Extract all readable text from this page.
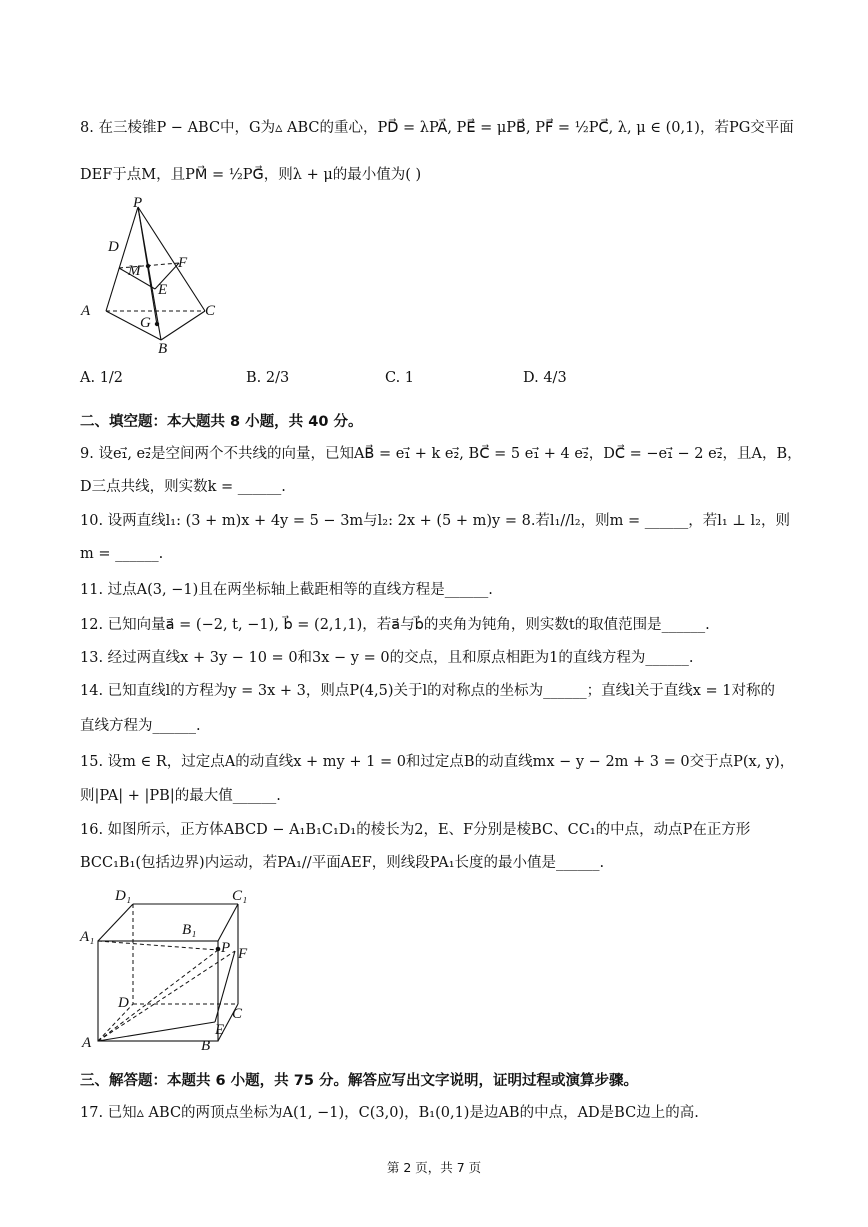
8. 在三棱锥P − ABC中，G为▵ ABC的重心，PD⃗ = λPA⃗, PE⃗ = μPB⃗, PF⃗ = ½PC⃗, λ, μ ∈ (0,1)，若PG交平面
DEF于点M，且PM⃗ = ½PG⃗，则λ + μ的最小值为( )
P
D
M	F
E
A	C
G
B
A. 1/2	B. 2/3	C. 1	D. 4/3
二、填空题：本大题共 8 小题，共 40 分。
9. 设e₁⃗, e₂⃗是空间两个不共线的向量，已知AB⃗ = e₁⃗ + k e₂⃗, BC⃗ = 5 e₁⃗ + 4 e₂⃗，DC⃗ = −e₁⃗ − 2 e₂⃗，且A，B，
D三点共线，则实数k = ______.
10. 设两直线l₁: (3 + m)x + 4y = 5 − 3m与l₂: 2x + (5 + m)y = 8.若l₁//l₂，则m = ______，若l₁ ⊥ l₂，则
m = ______.
11. 过点A(3, −1)且在两坐标轴上截距相等的直线方程是______.
12. 已知向量a⃗ = (−2, t, −1), b⃗ = (2,1,1)，若a⃗与b⃗的夹角为钝角，则实数t的取值范围是______.
13. 经过两直线x + 3y − 10 = 0和3x − y = 0的交点，且和原点相距为1的直线方程为______.
14. 已知直线l的方程为y = 3x + 3，则点P(4,5)关于l的对称点的坐标为______；直线l关于直线x = 1对称的
直线方程为______.
15. 设m ∈ R，过定点A的动直线x + my + 1 = 0和过定点B的动直线mx − y − 2m + 3 = 0交于点P(x, y)，
则|PA| + |PB|的最大值______.
16. 如图所示，正方体ABCD − A₁B₁C₁D₁的棱长为2，E、F分别是棱BC、CC₁的中点，动点P在正方形
BCC₁B₁(包括边界)内运动，若PA₁//平面AEF，则线段PA₁长度的最小值是______.
D₁	C₁
A₁	B₁
P F
D
C
E
A	B
三、解答题：本题共 6 小题，共 75 分。解答应写出文字说明，证明过程或演算步骤。
17. 已知▵ ABC的两顶点坐标为A(1, −1)，C(3,0)，B₁(0,1)是边AB的中点，AD是BC边上的高.
第 2 页，共 7 页
